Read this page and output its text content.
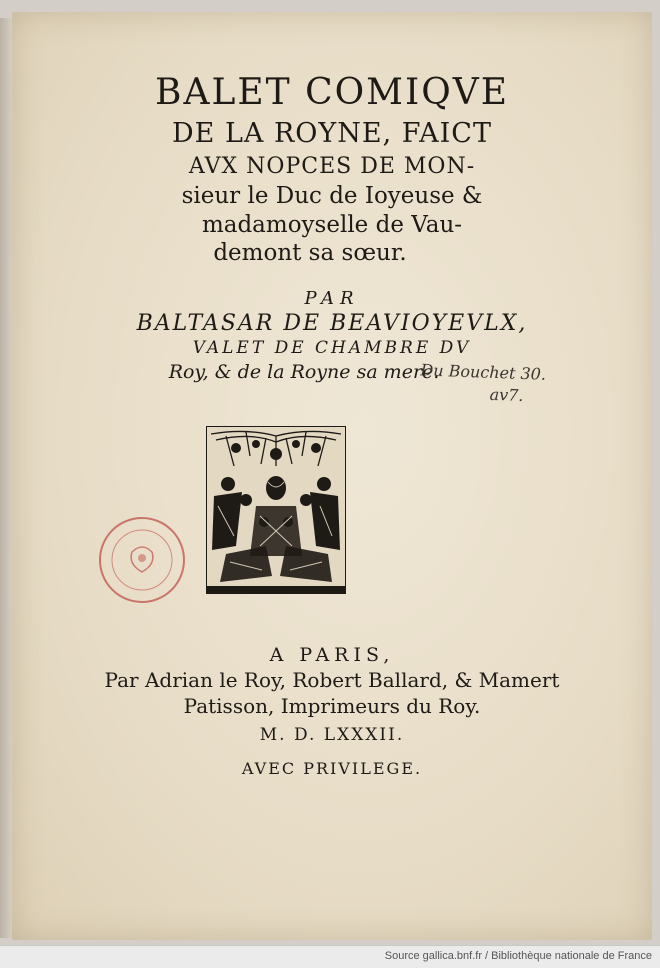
BALET COMIQVE
DE LA ROYNE, FAICT
AVX NOPCES DE MON-
sieur le Duc de Ioyeuse &
madamoyselle de Vau-
demont sa sœur.
PAR
BALTASAR DE BEAVIOYEVLX,
VALET DE CHAMBRE DV
Roy, & de la Royne sa mere.
Du Bouchet 30.
av7.
A PARIS,
Par Adrian le Roy, Robert Ballard, & Mamert
Patisson, Imprimeurs du Roy.
M. D. LXXXII.
AVEC PRIVILEGE.
Source gallica.bnf.fr / Bibliothèque nationale de France
